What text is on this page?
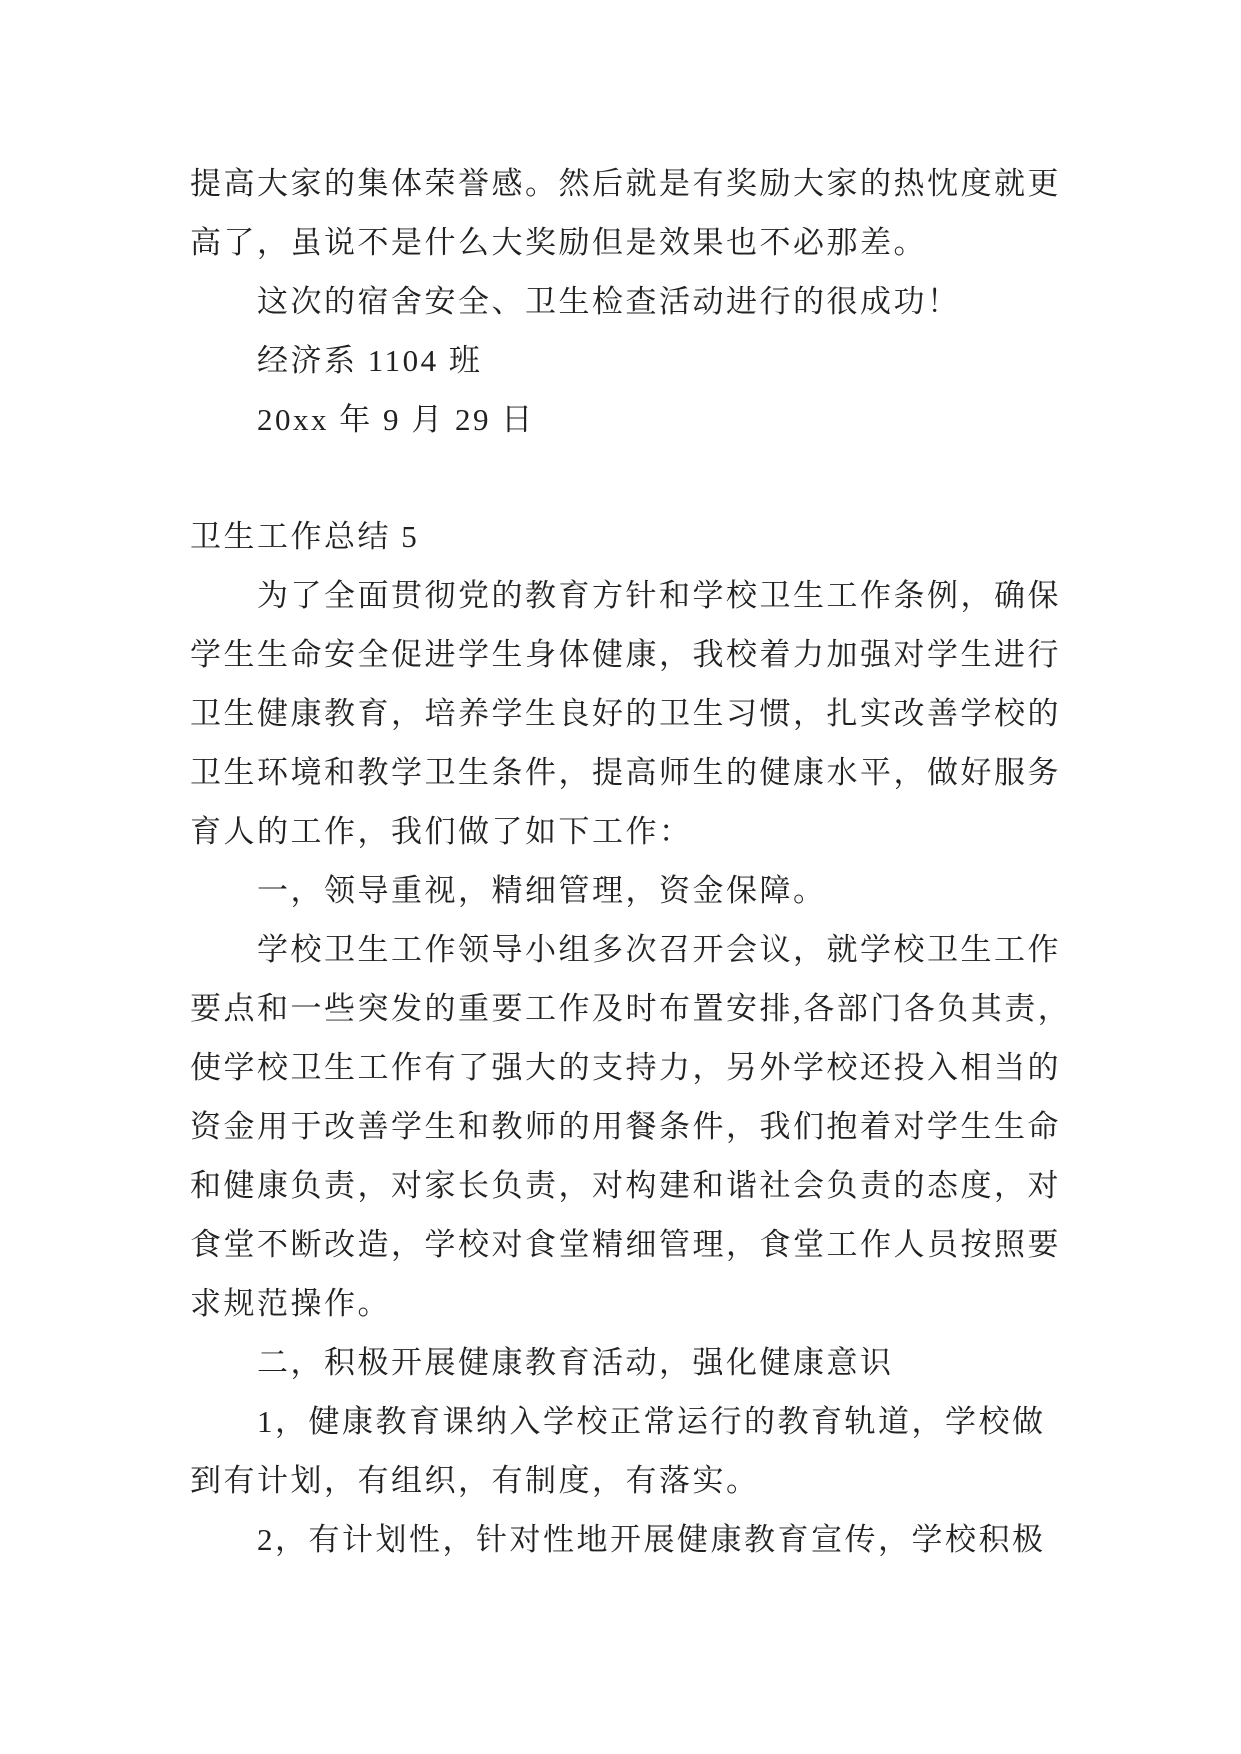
提高大家的集体荣誉感。然后就是有奖励大家的热忱度就更
高了，虽说不是什么大奖励但是效果也不必那差。
这次的宿舍安全、卫生检查活动进行的很成功！
经济系 1104 班
20xx 年 9 月 29 日
卫生工作总结 5
为了全面贯彻党的教育方针和学校卫生工作条例，确保
学生生命安全促进学生身体健康，我校着力加强对学生进行
卫生健康教育，培养学生良好的卫生习惯，扎实改善学校的
卫生环境和教学卫生条件，提高师生的健康水平，做好服务
育人的工作，我们做了如下工作：
一，领导重视，精细管理，资金保障。
学校卫生工作领导小组多次召开会议，就学校卫生工作
要点和一些突发的重要工作及时布置安排,各部门各负其责，
使学校卫生工作有了强大的支持力，另外学校还投入相当的
资金用于改善学生和教师的用餐条件，我们抱着对学生生命
和健康负责，对家长负责，对构建和谐社会负责的态度，对
食堂不断改造，学校对食堂精细管理，食堂工作人员按照要
求规范操作。
二，积极开展健康教育活动，强化健康意识
1，健康教育课纳入学校正常运行的教育轨道，学校做
到有计划，有组织，有制度，有落实。
2，有计划性，针对性地开展健康教育宣传，学校积极
